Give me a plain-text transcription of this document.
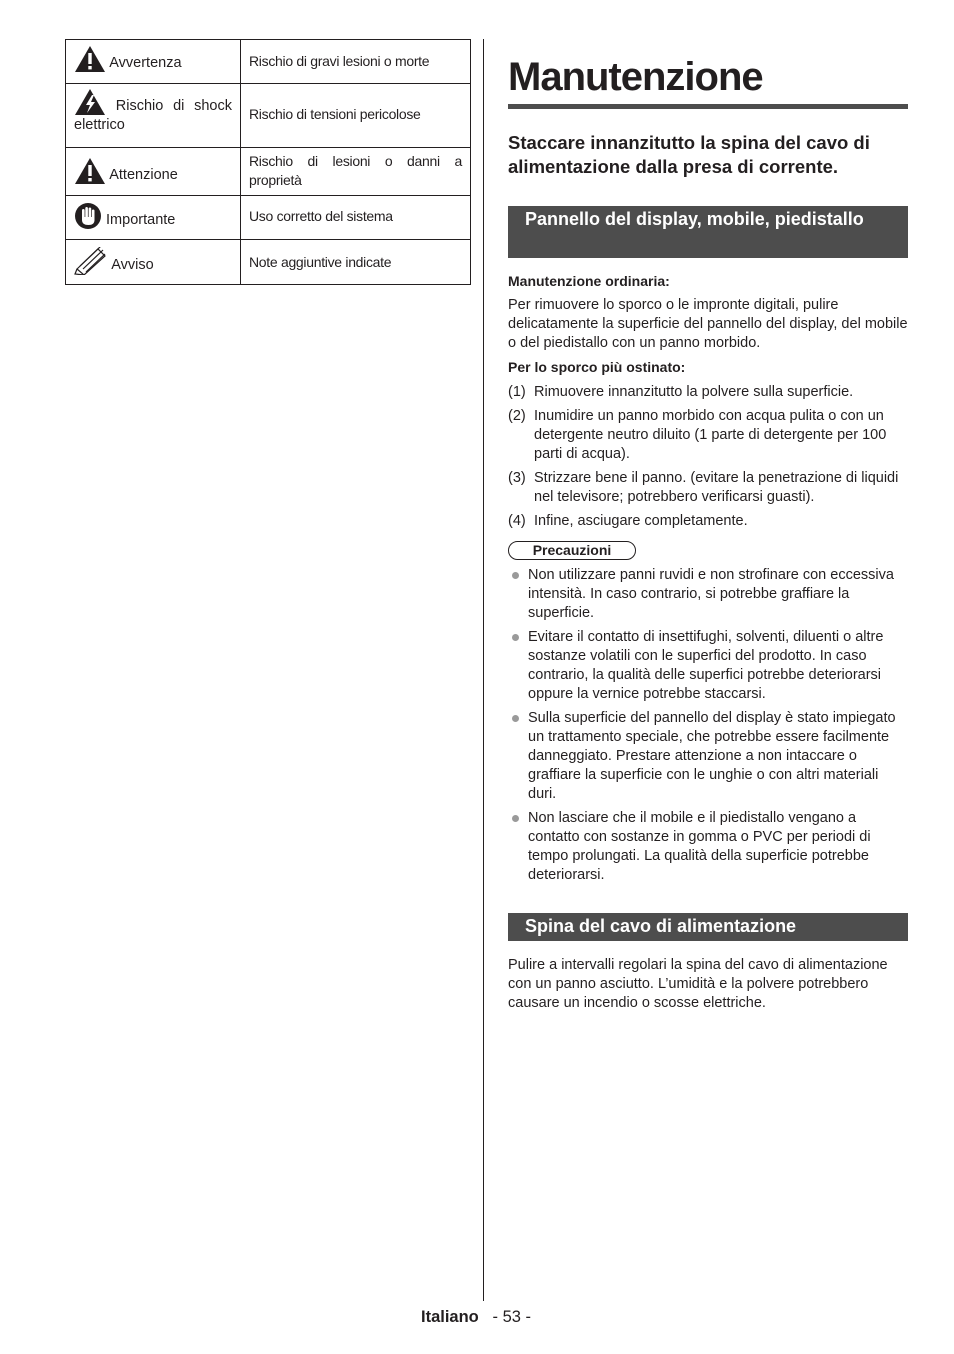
Avvertenza	Rischio di gravi lesioni o morte

Rischio di shock elettrico	Rischio di tensioni pericolose

Attenzione	Rischio di lesioni o danni a proprietà

Importante	Uso corretto del sistema

Avviso	Note aggiuntive indicate
Manutenzione
Staccare innanzitutto la spina del cavo di alimentazione dalla presa di corrente.
Pannello del display, mobile, piedistallo
Manutenzione ordinaria:
Per rimuovere lo sporco o le impronte digitali, pulire delicatamente la superficie del pannello del display, del mobile o del piedistallo con un panno morbido.
Per lo sporco più ostinato:
(1) Rimuovere innanzitutto la polvere sulla superficie.
(2) Inumidire un panno morbido con acqua pulita o con un detergente neutro diluito (1 parte di detergente per 100 parti di acqua).
(3) Strizzare bene il panno. (evitare la penetrazione di liquidi nel televisore; potrebbero verificarsi guasti).
(4) Infine, asciugare completamente.
Precauzioni
Non utilizzare panni ruvidi e non strofinare con eccessiva intensità. In caso contrario, si potrebbe graffiare la superficie.
Evitare il contatto di insettifughi, solventi, diluenti o altre sostanze volatili con le superfici del prodotto. In caso contrario, la qualità delle superfici potrebbe deteriorarsi oppure la vernice potrebbe staccarsi.
Sulla superficie del pannello del display è stato impiegato un trattamento speciale, che potrebbe essere facilmente danneggiato. Prestare attenzione a non intaccare o graffiare la superficie con le unghie o con altri materiali duri.
Non lasciare che il mobile e il piedistallo vengano a contatto con sostanze in gomma o PVC per periodi di tempo prolungati. La qualità della superficie potrebbe deteriorarsi.
Spina del cavo di alimentazione
Pulire a intervalli regolari la spina del cavo di alimentazione con un panno asciutto. L’umidità e la polvere potrebbero causare un incendio o scosse elettriche.
Italiano - 53 -
